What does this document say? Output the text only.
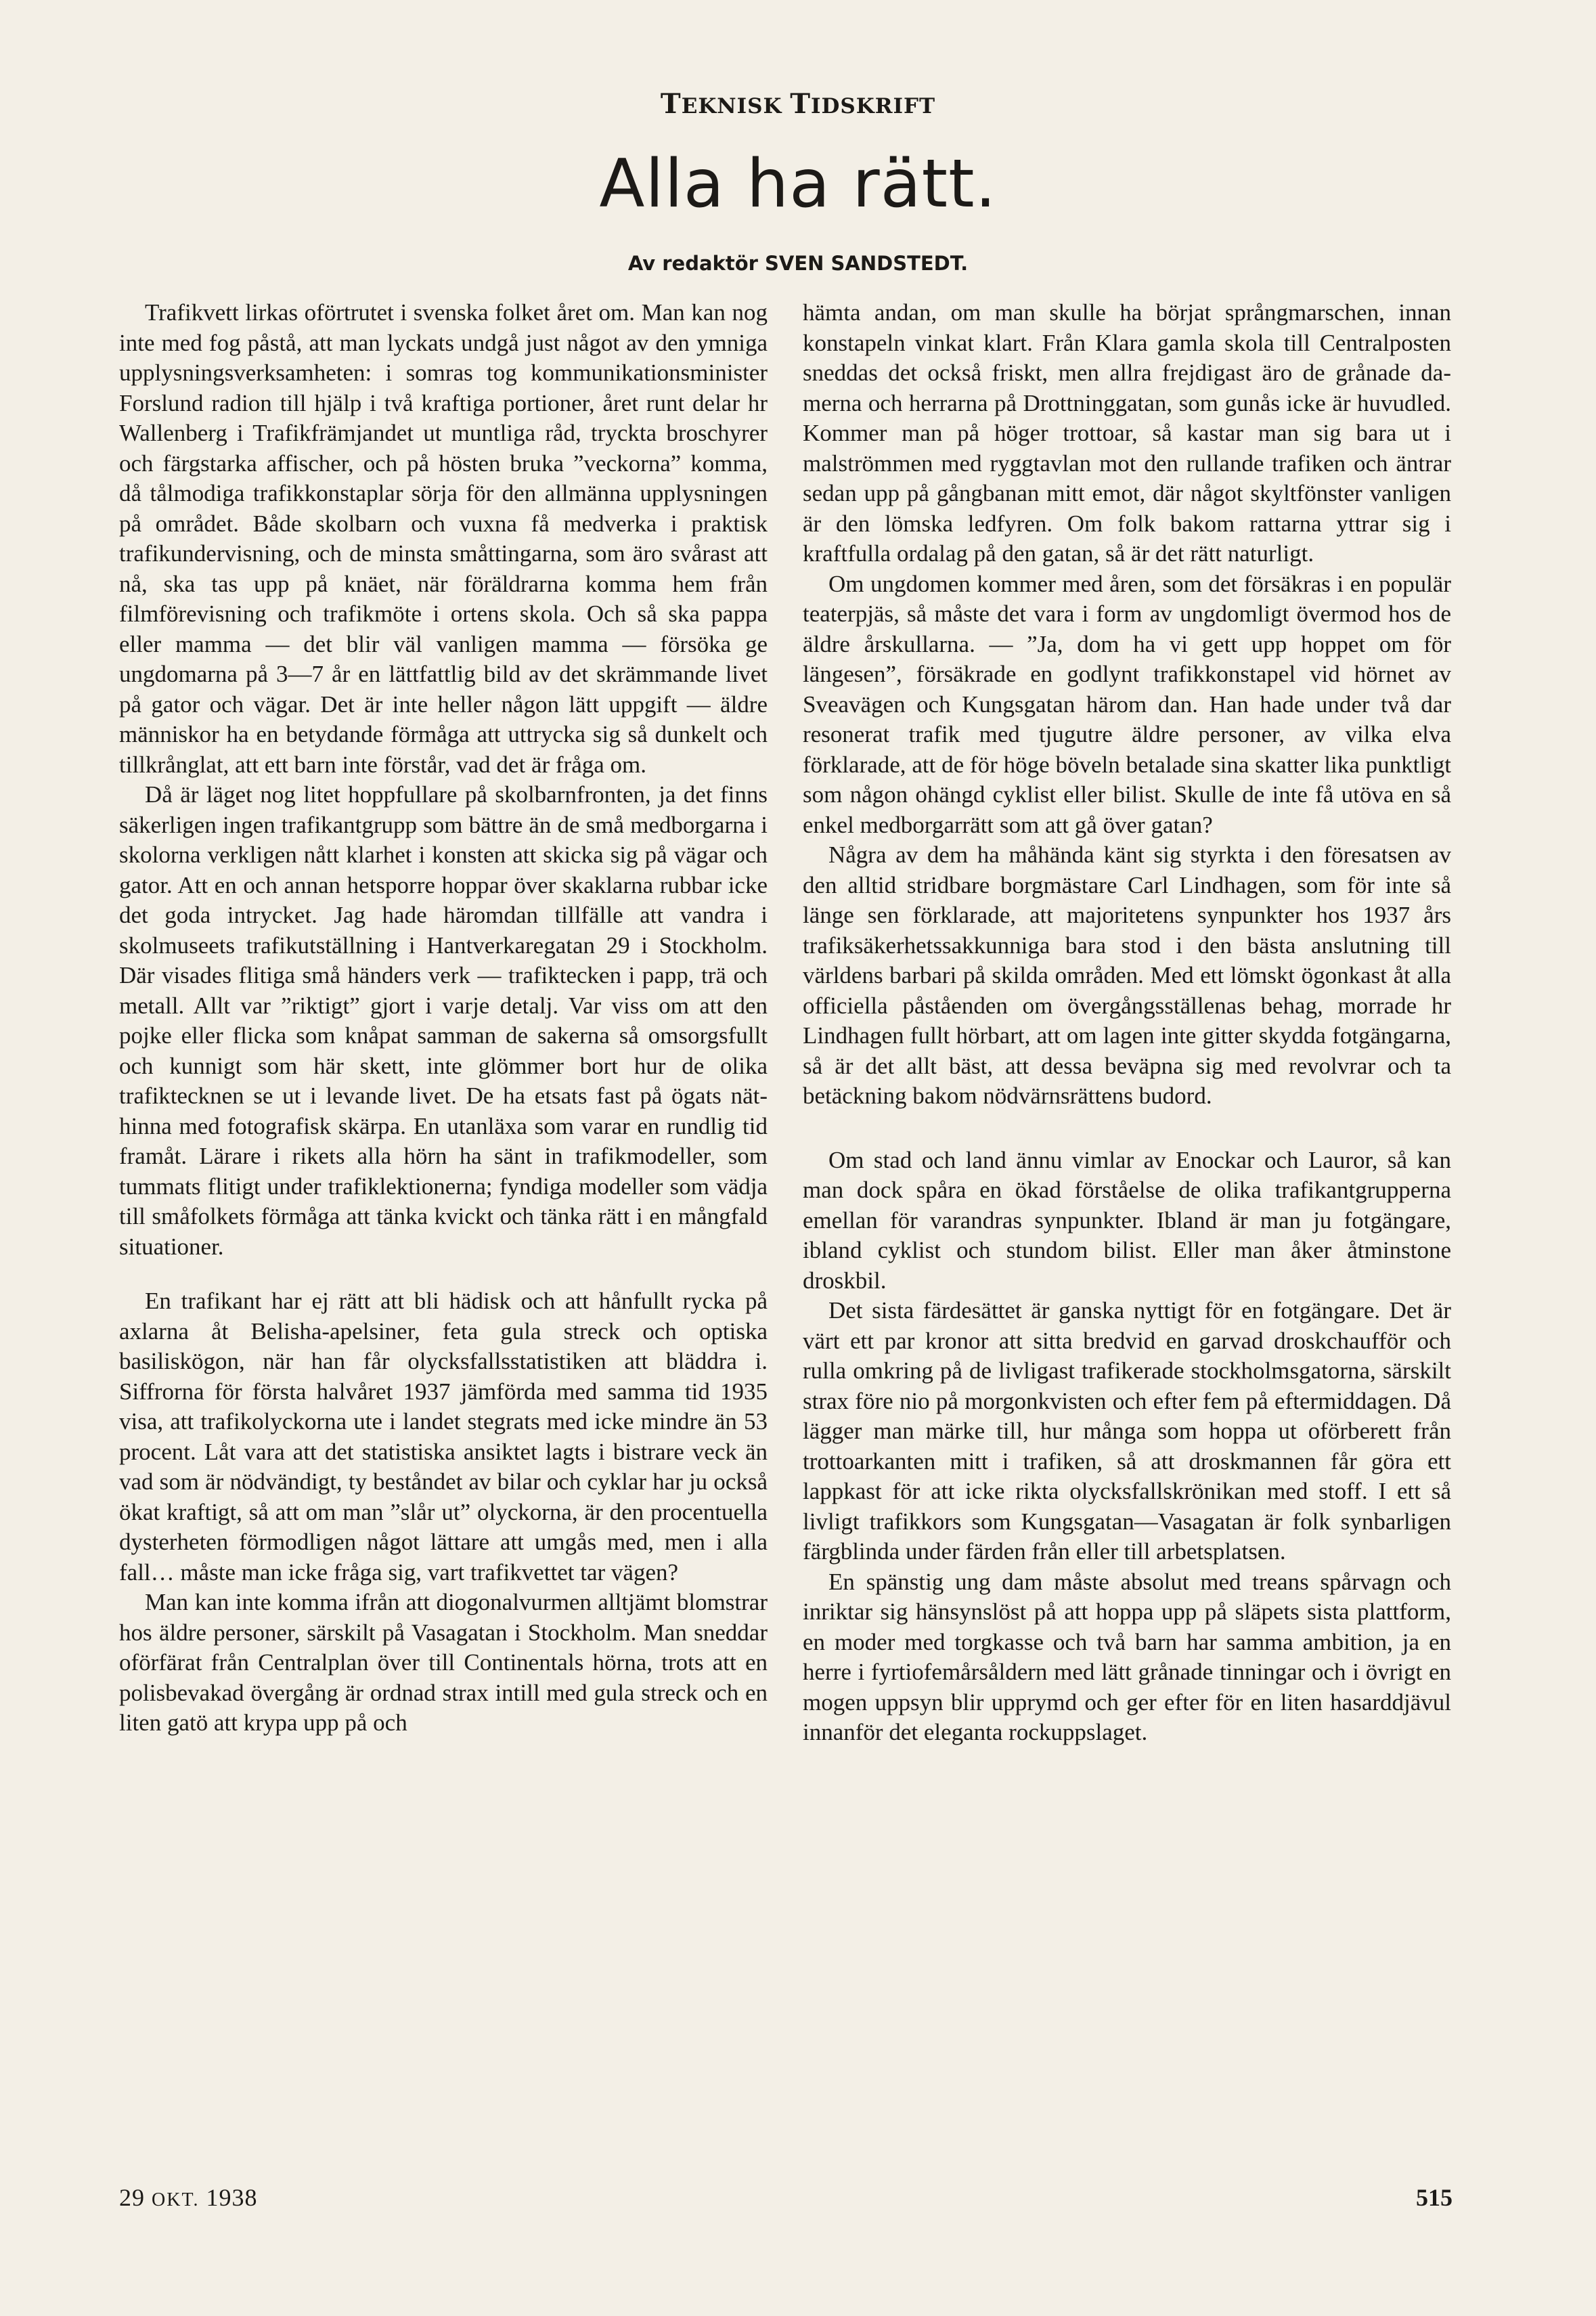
TEKNISK TIDSKRIFT
Alla ha rätt.
Av redaktör SVEN SANDSTEDT.

Trafikvett lirkas oförtrutet i svenska folket året om. Man kan nog inte med fog påstå, att man lyckats undgå just något av den ymniga upplysningsverksamheten: i somras tog kommunikationsminister Forslund radion till hjälp i två kraftiga portioner, året runt delar hr Wallenberg i Trafikfrämjandet ut muntliga råd, tryckta broschyrer och färgstarka affischer, och på hösten bruka ”veckorna” komma, då tålmodiga trafikkonstaplar sörja för den allmänna upplysningen på området. Både skolbarn och vuxna få medverka i praktisk trafikundervisning, och de minsta småttingarna, som äro svårast att nå, ska tas upp på knäet, när föräldrarna komma hem från filmförevisning och trafikmöte i ortens skola. Och så ska pappa eller mamma — det blir väl vanligen mamma — försöka ge ungdomarna på 3—7 år en lättfattlig bild av det skrämmande livet på gator och vägar. Det är inte heller någon lätt uppgift — äldre människor ha en betydande förmåga att uttrycka sig så dunkelt och tillkrånglat, att ett barn inte förstår, vad det är fråga om.

Då är läget nog litet hoppfullare på skolbarnfronten, ja det finns säkerligen ingen trafikantgrupp som bättre än de små medborgarna i skolorna verkligen nått klarhet i konsten att skicka sig på vägar och gator. Att en och annan hetsporre hoppar över skaklarna rubbar icke det goda intrycket. Jag hade häromdan tillfälle att vandra i skolmuseets trafikutställning i Hantverkaregatan 29 i Stockholm. Där visades flitiga små händers verk — trafiktecken i papp, trä och metall. Allt var ”riktigt” gjort i varje detalj. Var viss om att den pojke eller flicka som knåpat samman de sakerna så omsorgsfullt och kunnigt som här skett, inte glömmer bort hur de olika trafiktecknen se ut i levande livet. De ha etsats fast på ögats näthinna med fotografisk skärpa. En utanläxa som varar en rundlig tid framåt. Lärare i rikets alla hörn ha sänt in trafikmodeller, som tummats flitigt under trafiklektionerna; fyndiga modeller som vädja till småfolkets förmåga att tänka kvickt och tänka rätt i en mångfald situationer.

En trafikant har ej rätt att bli hädisk och att hånfullt rycka på axlarna åt Belisha-apelsiner, feta gula streck och optiska basiliskögon, när han får olycksfallsstatistiken att bläddra i. Siffrorna för första halvåret 1937 jämförda med samma tid 1935 visa, att trafikolyckorna ute i landet stegrats med icke mindre än 53 procent. Låt vara att det statistiska ansiktet lagts i bistrare veck än vad som är nödvändigt, ty beståndet av bilar och cyklar har ju också ökat kraftigt, så att om man ”slår ut” olyckorna, är den procentuella dysterheten förmodligen något lättare att umgås med, men i alla fall… måste man icke fråga sig, vart trafikvettet tar vägen?

Man kan inte komma ifrån att diogonalvurmen alltjämt blomstrar hos äldre personer, särskilt på Vasagatan i Stockholm. Man sneddar oförfärat från Centralplan över till Continentals hörna, trots att en polisbevakad övergång är ordnad strax intill med gula streck och en liten gatö att krypa upp på och

hämta andan, om man skulle ha börjat språngmarschen, innan konstapeln vinkat klart. Från Klara gamla skola till Centralposten sneddas det också friskt, men allra frejdigast äro de grånade damerna och herrarna på Drottninggatan, som gunås icke är huvudled. Kommer man på höger trottoar, så kastar man sig bara ut i malströmmen med ryggtavlan mot den rullande trafiken och äntrar sedan upp på gångbanan mitt emot, där något skyltfönster vanligen är den lömska ledfyren. Om folk bakom rattarna yttrar sig i kraftfulla ordalag på den gatan, så är det rätt naturligt.

Om ungdomen kommer med åren, som det försäkras i en populär teaterpjäs, så måste det vara i form av ungdomligt övermod hos de äldre årskullarna. — ”Ja, dom ha vi gett upp hoppet om för längesen”, försäkrade en godlynt trafikkonstapel vid hörnet av Sveavägen och Kungsgatan härom dan. Han hade under två dar resonerat trafik med tjugutre äldre personer, av vilka elva förklarade, att de för höge böveln betalade sina skatter lika punktligt som någon ohängd cyklist eller bilist. Skulle de inte få utöva en så enkel medborgarrätt som att gå över gatan?

Några av dem ha måhända känt sig styrkta i den föresatsen av den alltid stridbare borgmästare Carl Lindhagen, som för inte så länge sen förklarade, att majoritetens synpunkter hos 1937 års trafiksäkerhetssakkunniga bara stod i den bästa anslutning till världens barbari på skilda områden. Med ett lömskt ögonkast åt alla officiella påståenden om övergångsställenas behag, morrade hr Lindhagen fullt hörbart, att om lagen inte gitter skydda fotgängarna, så är det allt bäst, att dessa beväpna sig med revolvrar och ta betäckning bakom nödvärnsrättens budord.

Om stad och land ännu vimlar av Enockar och Lauror, så kan man dock spåra en ökad förståelse de olika trafikantgrupperna emellan för varandras synpunkter. Ibland är man ju fotgängare, ibland cyklist och stundom bilist. Eller man åker åtminstone droskbil.

Det sista färdesättet är ganska nyttigt för en fotgängare. Det är värt ett par kronor att sitta bredvid en garvad droskchaufför och rulla omkring på de livligast trafikerade stockholmsgatorna, särskilt strax före nio på morgonkvisten och efter fem på eftermiddagen. Då lägger man märke till, hur många som hoppa ut oförberett från trottoarkanten mitt i trafiken, så att droskmannen får göra ett lappkast för att icke rikta olycksfallskrönikan med stoff. I ett så livligt trafikkors som Kungsgatan—Vasagatan är folk synbarligen färgblinda under färden från eller till arbetsplatsen.

En spänstig ung dam måste absolut med treans spårvagn och inriktar sig hänsynslöst på att hoppa upp på släpets sista plattform, en moder med torgkasse och två barn har samma ambition, ja en herre i fyrtiofemårsåldern med lätt grånade tinningar och i övrigt en mogen uppsyn blir upprymd och ger efter för en liten hasarddjävul innanför det eleganta rockuppslaget.

29 OKT. 1938	515
